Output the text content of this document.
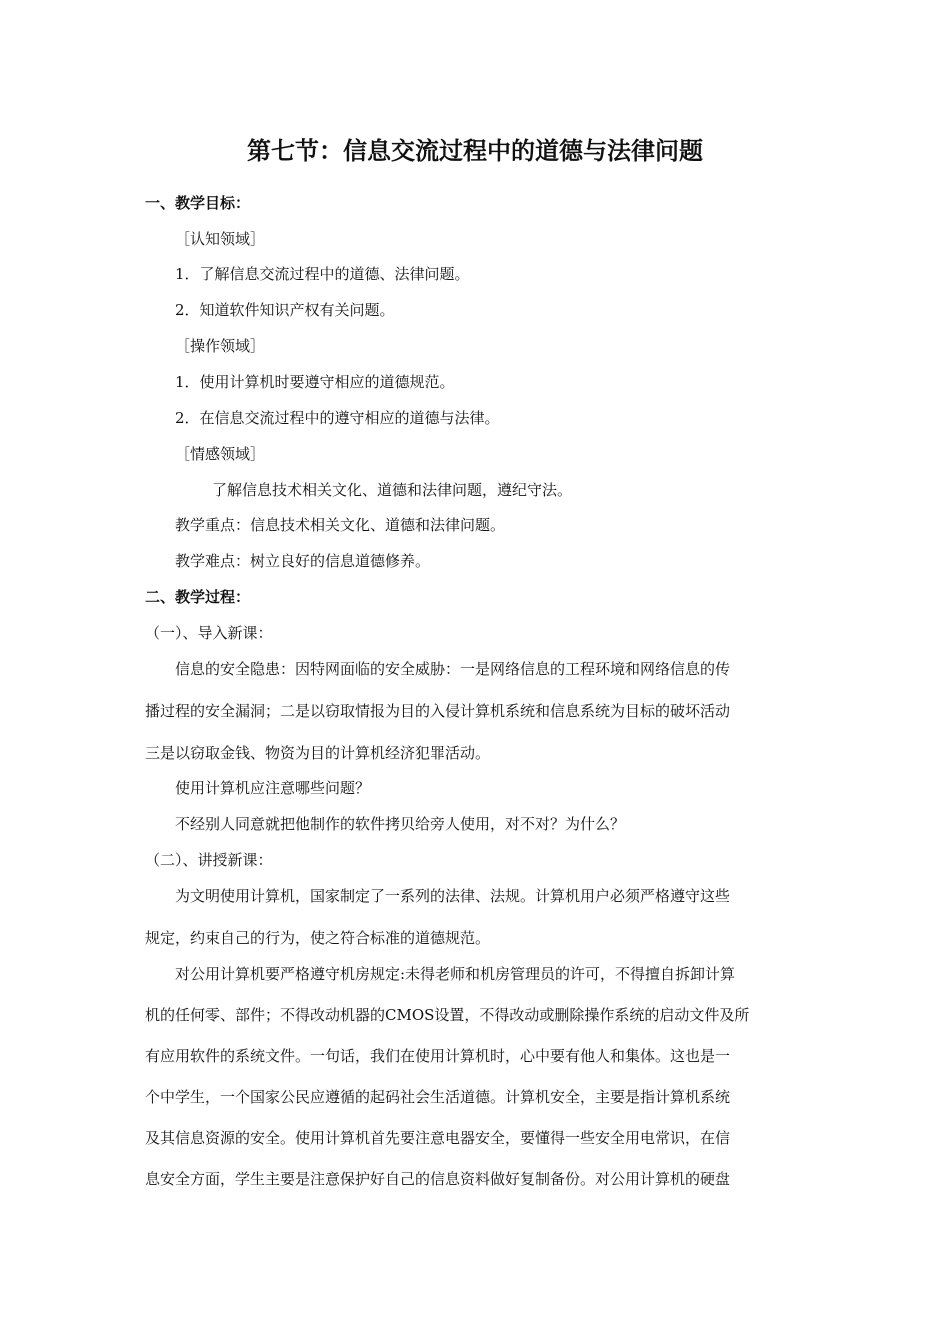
第七节：信息交流过程中的道德与法律问题
一、教学目标：
［认知领域］
1．了解信息交流过程中的道德、法律问题。
2．知道软件知识产权有关问题。
［操作领域］
1．使用计算机时要遵守相应的道德规范。
2．在信息交流过程中的遵守相应的道德与法律。
［情感领域］
了解信息技术相关文化、道德和法律问题，遵纪守法。
教学重点：信息技术相关文化、道德和法律问题。
教学难点：树立良好的信息道德修养。
二、教学过程：
（一）、导入新课：
信息的安全隐患：因特网面临的安全威胁：一是网络信息的工程环境和网络信息的传
播过程的安全漏洞；二是以窃取情报为目的入侵计算机系统和信息系统为目标的破坏活动
三是以窃取金钱、物资为目的计算机经济犯罪活动。
使用计算机应注意哪些问题？
不经别人同意就把他制作的软件拷贝给旁人使用，对不对？为什么？
（二）、讲授新课：
为文明使用计算机，国家制定了一系列的法律、法规。计算机用户必须严格遵守这些
规定，约束自己的行为，使之符合标准的道德规范。
对公用计算机要严格遵守机房规定:未得老师和机房管理员的许可，不得擅自拆卸计算
机的任何零、部件；不得改动机器的CMOS设置，不得改动或删除操作系统的启动文件及所
有应用软件的系统文件。一句话，我们在使用计算机时，心中要有他人和集体。这也是一
个中学生，一个国家公民应遵循的起码社会生活道德。计算机安全，主要是指计算机系统
及其信息资源的安全。使用计算机首先要注意电器安全，要懂得一些安全用电常识，在信
息安全方面，学生主要是注意保护好自己的信息资料做好复制备份。对公用计算机的硬盘
